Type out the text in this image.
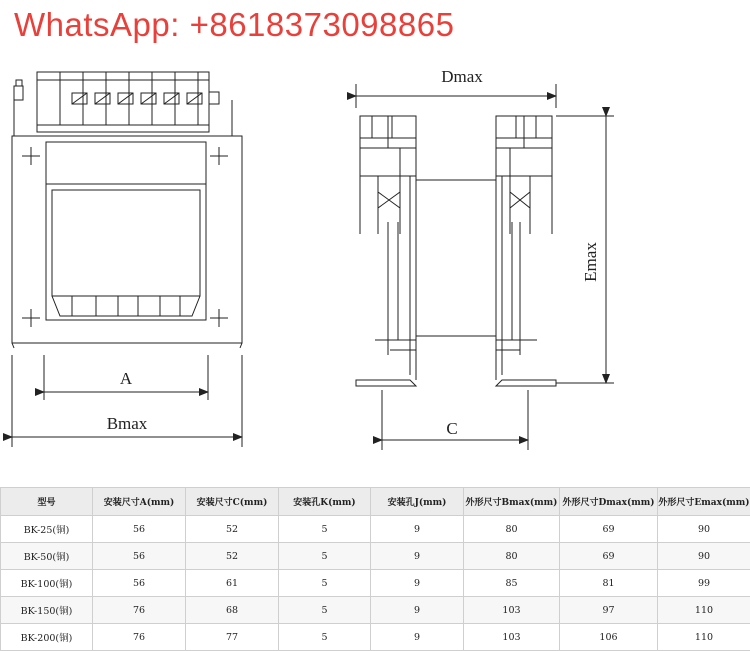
WhatsApp: +8618373098865
A
Bmax
Dmax
Emax
C
型号	安装尺寸A(mm)	安装尺寸C(mm)	安装孔K(mm)	安装孔J(mm)	外形尺寸Bmax(mm)	外形尺寸Dmax(mm)	外形尺寸Emax(mm)
BK-25(铜)	56	52	5	9	80	69	90
BK-50(铜)	56	52	5	9	80	69	90
BK-100(铜)	56	61	5	9	85	81	99
BK-150(铜)	76	68	5	9	103	97	110
BK-200(铜)	76	77	5	9	103	106	110
